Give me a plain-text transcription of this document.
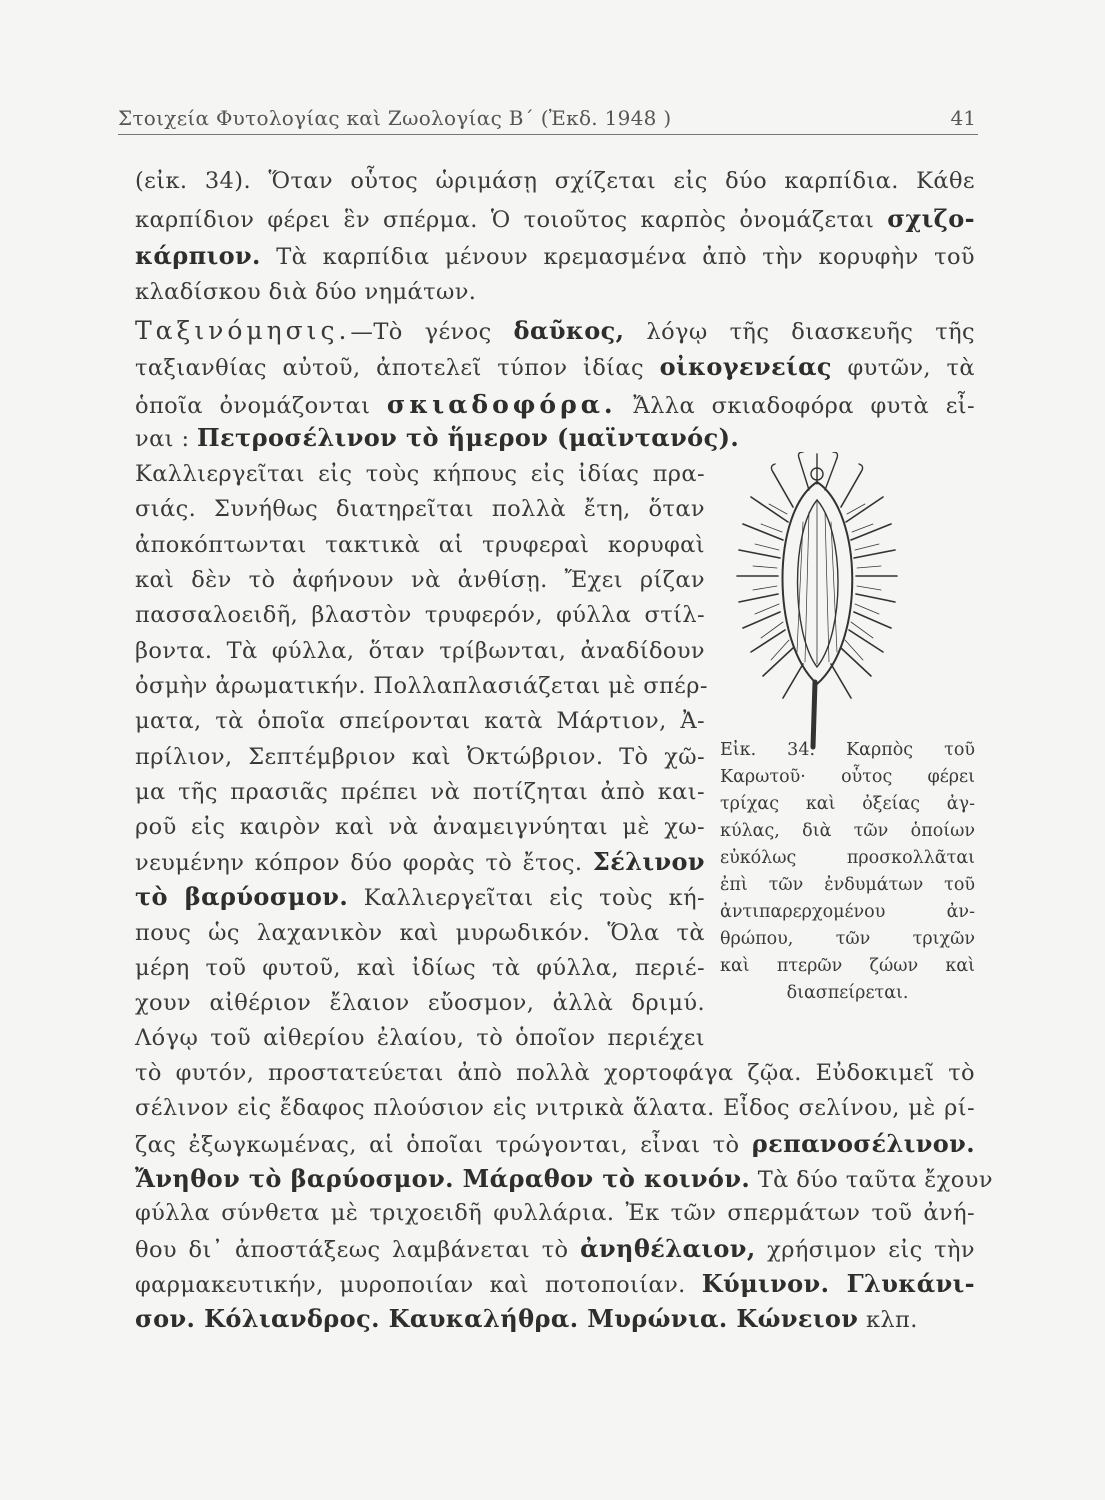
Στοιχεία Φυτολογίας καὶ Ζωολογίας Β΄ (Ἐκδ. 1948 )	41
(εἰκ. 34). Ὅταν οὗτος ὡριμάσῃ σχίζεται εἰς δύο καρπίδια. Κάθε
καρπίδιον φέρει ἓν σπέρμα. Ὁ τοιοῦτος καρπὸς ὀνομάζεται σχιζο-
κάρπιον. Τὰ καρπίδια μένουν κρεμασμένα ἀπὸ τὴν κορυφὴν τοῦ
κλαδίσκου διὰ δύο νημάτων.
Ταξινόμησις.—Τὸ γένος δαῦκος, λόγῳ τῆς διασκευῆς τῆς
ταξιανθίας αὐτοῦ, ἀποτελεῖ τύπον ἰδίας οἰκογενείας φυτῶν, τὰ
ὁποῖα ὀνομάζονται σκιαδοφόρα. Ἄλλα σκιαδοφόρα φυτὰ εἶ-
ναι : Πετροσέλινον τὸ ἥμερον (μαϊντανός).
Καλλιεργεῖται εἰς τοὺς κήπους εἰς ἰδίας πρα-
σιάς. Συνήθως διατηρεῖται πολλὰ ἔτη, ὅταν
ἀποκόπτωνται τακτικὰ αἱ τρυφεραὶ κορυφαὶ
καὶ δὲν τὸ ἀφήνουν νὰ ἀνθίσῃ. Ἔχει ρίζαν
πασσαλοειδῆ, βλαστὸν τρυφερόν, φύλλα στίλ-
βοντα. Τὰ φύλλα, ὅταν τρίβωνται, ἀναδίδουν
ὀσμὴν ἀρωματικήν. Πολλαπλασιάζεται μὲ σπέρ-
ματα, τὰ ὁποῖα σπείρονται κατὰ Μάρτιον, Ἀ-
πρίλιον, Σεπτέμβριον καὶ Ὀκτώβριον. Τὸ χῶ-
μα τῆς πρασιᾶς πρέπει νὰ ποτίζηται ἀπὸ και-
ροῦ εἰς καιρὸν καὶ νὰ ἀναμειγνύηται μὲ χω-
νευμένην κόπρον δύο φορὰς τὸ ἔτος. Σέλινον
τὸ βαρύοσμον. Καλλιεργεῖται εἰς τοὺς κή-
πους ὡς λαχανικὸν καὶ μυρωδικόν. Ὅλα τὰ
μέρη τοῦ φυτοῦ, καὶ ἰδίως τὰ φύλλα, περιέ-
χουν αἰθέριον ἔλαιον εὔοσμον, ἀλλὰ δριμύ.
Λόγῳ τοῦ αἰθερίου ἐλαίου, τὸ ὁποῖον περιέχει
τὸ φυτόν, προστατεύεται ἀπὸ πολλὰ χορτοφάγα ζῷα. Εὐδοκιμεῖ τὸ
σέλινον εἰς ἔδαφος πλούσιον εἰς νιτρικὰ ἅλατα. Εἶδος σελίνου, μὲ ρί-
ζας ἐξωγκωμένας, αἱ ὁποῖαι τρώγονται, εἶναι τὸ ρεπανοσέλινον.
Ἄνηθον τὸ βαρύοσμον. Μάραθον τὸ κοινόν. Τὰ δύο ταῦτα ἔχουν
φύλλα σύνθετα μὲ τριχοειδῆ φυλλάρια. Ἐκ τῶν σπερμάτων τοῦ ἀνή-
θου δι᾽ ἀποστάξεως λαμβάνεται τὸ ἀνηθέλαιον, χρήσιμον εἰς τὴν
φαρμακευτικήν, μυροποιίαν καὶ ποτοποιίαν. Κύμινον. Γλυκάνι-
σον. Κόλιανδρος. Καυκαλήθρα. Μυρώνια. Κώνειον κλπ.
Εἰκ. 34. Καρπὸς τοῦ
Καρωτοῦ· οὗτος φέρει
τρίχας καὶ ὀξείας ἀγ-
κύλας, διὰ τῶν ὁποίων
εὐκόλως προσκολλᾶται
ἐπὶ τῶν ἐνδυμάτων τοῦ
ἀντιπαρερχομένου ἀν-
θρώπου, τῶν τριχῶν
καὶ πτερῶν ζώων καὶ
διασπείρεται.
